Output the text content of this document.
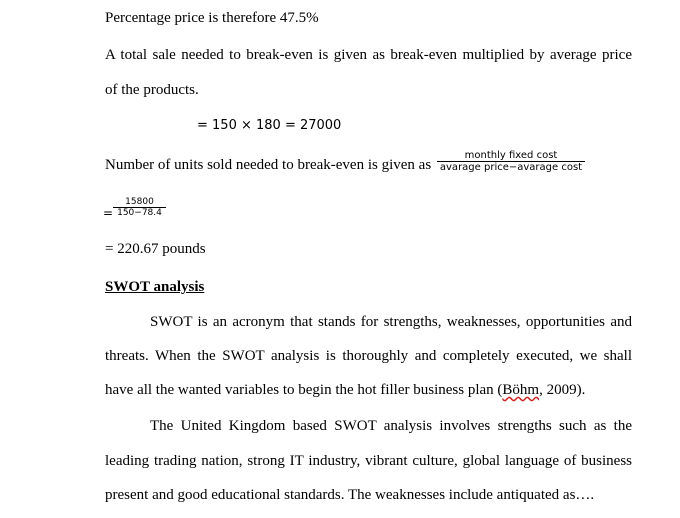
Percentage price is therefore 47.5%
A total sale needed to break-even is given as break-even multiplied by average price
of the products.
= 150 × 180 = 27000
Number of units sold needed to break-even is given as
monthly fixed cost
avarage price−avarage cost
=
15800
150−78.4
= 220.67 pounds
SWOT analysis
SWOT is an acronym that stands for strengths, weaknesses, opportunities and
threats. When the SWOT analysis is thoroughly and completely executed, we shall
have all the wanted variables to begin the hot filler business plan (Böhm, 2009).
The United Kingdom based SWOT analysis involves strengths such as the
leading trading nation, strong IT industry, vibrant culture, global language of business
present and good educational standards. The weaknesses include antiquated as….
